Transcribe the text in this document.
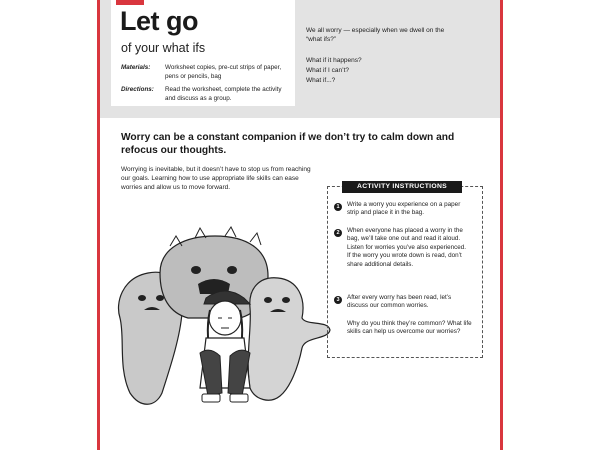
Let go
of your what ifs
Materials: Worksheet copies, pre-cut strips of paper, pens or pencils, bag
Directions: Read the worksheet, complete the activity and discuss as a group.
We all worry — especially when we dwell on the “what ifs?”
What if it happens?
What if I can’t?
What if...?
Worry can be a constant companion if we don’t try to calm down and refocus our thoughts.
Worrying is inevitable, but it doesn’t have to stop us from reaching our goals. Learning how to use appropriate life skills can ease worries and allow us to move forward.	ACTIVITY INSTRUCTIONS
1	Write a worry you experience on a paper strip and place it in the bag.
2	When everyone has placed a worry in the bag, we’ll take one out and read it aloud. Listen for worries you’ve also experienced. If the worry you wrote down is read, don’t share additional details.
3	After every worry has been read, let’s discuss our common worries.
Why do you think they’re common? What life skills can help us overcome our worries?
